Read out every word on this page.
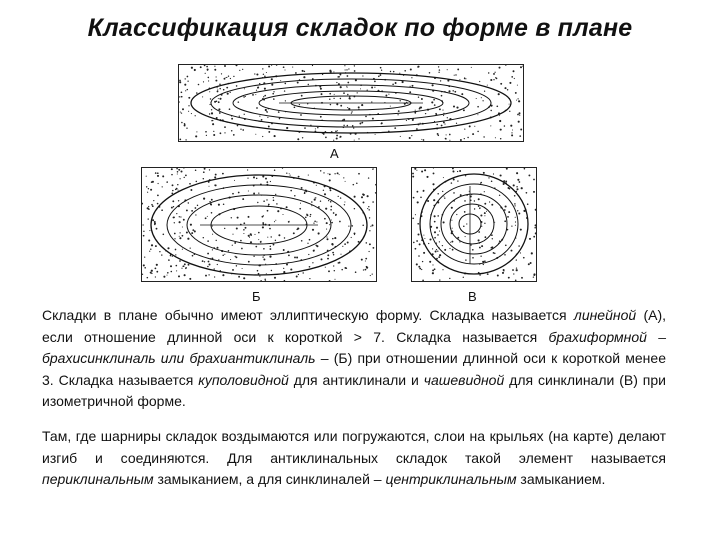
Классификация складок по форме в плане
А
Б	В

Складки в плане обычно имеют эллиптическую форму. Складка называется линейной (А), если отношение длинной оси к короткой > 7. Складка называется брахиформной – брахисинклиналь или брахиантиклиналь – (Б) при отношении длинной оси к короткой менее 3. Складка называется куполовидной для антиклинали и чашевидной для синклинали (В) при изометричной форме.

Там, где шарниры складок воздымаются или погружаются, слои на крыльях (на карте) делают изгиб и соединяются. Для антиклинальных складок такой элемент называется периклинальным замыканием, а для синклиналей – центриклинальным замыканием.
